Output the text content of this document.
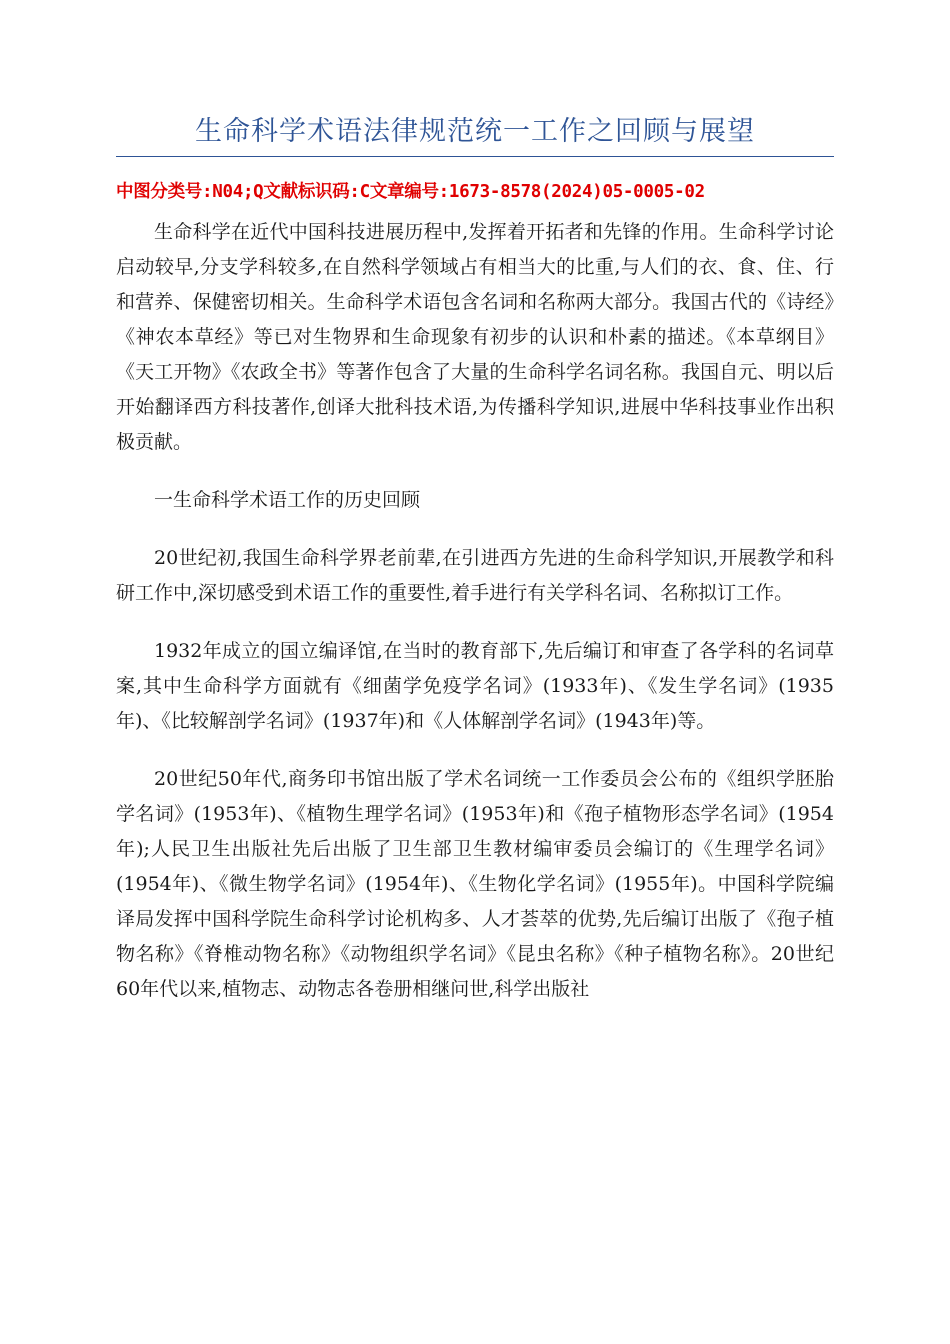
生命科学术语法律规范统一工作之回顾与展望
中图分类号:N04;Q文献标识码:C文章编号:1673-8578(2024)05-0005-02

生命科学在近代中国科技进展历程中,发挥着开拓者和先锋的作用。生命科学讨论启动较早,分支学科较多,在自然科学领域占有相当大的比重,与人们的衣、食、住、行和营养、保健密切相关。生命科学术语包含名词和名称两大部分。我国古代的《诗经》《神农本草经》等已对生物界和生命现象有初步的认识和朴素的描述。《本草纲目》《天工开物》《农政全书》等著作包含了大量的生命科学名词名称。我国自元、明以后开始翻译西方科技著作,创译大批科技术语,为传播科学知识,进展中华科技事业作出积极贡献。

一生命科学术语工作的历史回顾

20世纪初,我国生命科学界老前辈,在引进西方先进的生命科学知识,开展教学和科研工作中,深切感受到术语工作的重要性,着手进行有关学科名词、名称拟订工作。

1932年成立的国立编译馆,在当时的教育部下,先后编订和审查了各学科的名词草案,其中生命科学方面就有《细菌学免疫学名词》(1933年)、《发生学名词》(1935年)、《比较解剖学名词》(1937年)和《人体解剖学名词》(1943年)等。

20世纪50年代,商务印书馆出版了学术名词统一工作委员会公布的《组织学胚胎学名词》(1953年)、《植物生理学名词》(1953年)和《孢子植物形态学名词》(1954年);人民卫生出版社先后出版了卫生部卫生教材编审委员会编订的《生理学名词》(1954年)、《微生物学名词》(1954年)、《生物化学名词》(1955年)。中国科学院编译局发挥中国科学院生命科学讨论机构多、人才荟萃的优势,先后编订出版了《孢子植物名称》《脊椎动物名称》《动物组织学名词》《昆虫名称》《种子植物名称》。20世纪60年代以来,植物志、动物志各卷册相继问世,科学出版社
